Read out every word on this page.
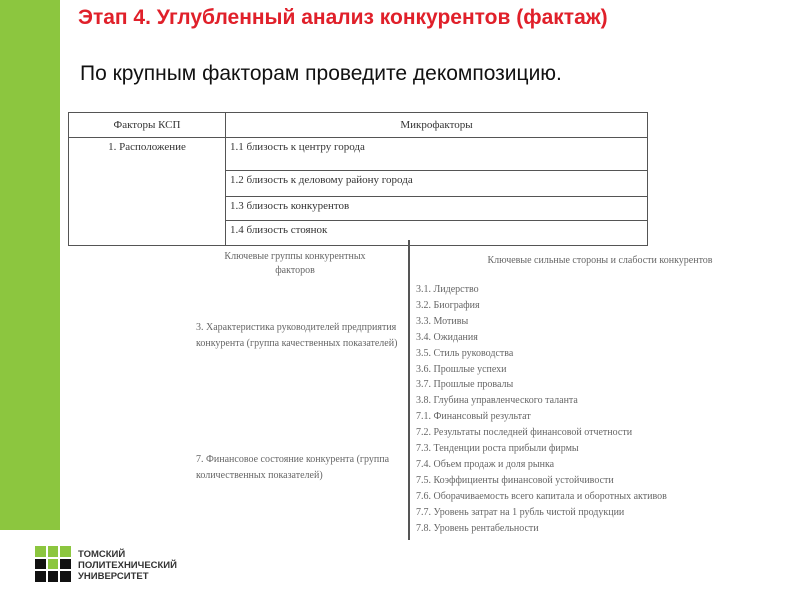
Этап 4. Углубленный анализ конкурентов (фактаж)
По крупным факторам проведите декомпозицию.
Факторы КСП	Микрофакторы
1. Расположение	1.1 близость к центру города
	1.2 близость к деловому району города
	1.3 близость конкурентов
	1.4 близость стоянок
Ключевые группы конкурентных факторов
Ключевые сильные стороны и слабости конкурентов
3. Характеристика руководителей предприятия конкурента (группа качественных показателей)
7. Финансовое состояние конкурента (группа количественных показателей)
3.1. Лидерство
3.2. Биография
3.3. Мотивы
3.4. Ожидания
3.5. Стиль руководства
3.6. Прошлые успехи
3.7. Прошлые провалы
3.8. Глубина управленческого таланта
7.1. Финансовый результат
7.2. Результаты последней финансовой отчетности
7.3. Тенденции роста прибыли фирмы
7.4. Объем продаж и доля рынка
7.5. Коэффициенты финансовой устойчивости
7.6. Оборачиваемость всего капитала и оборотных активов
7.7. Уровень затрат на 1 рубль чистой продукции
7.8. Уровень рентабельности
ТОМСКИЙ
ПОЛИТЕХНИЧЕСКИЙ
УНИВЕРСИТЕТ
